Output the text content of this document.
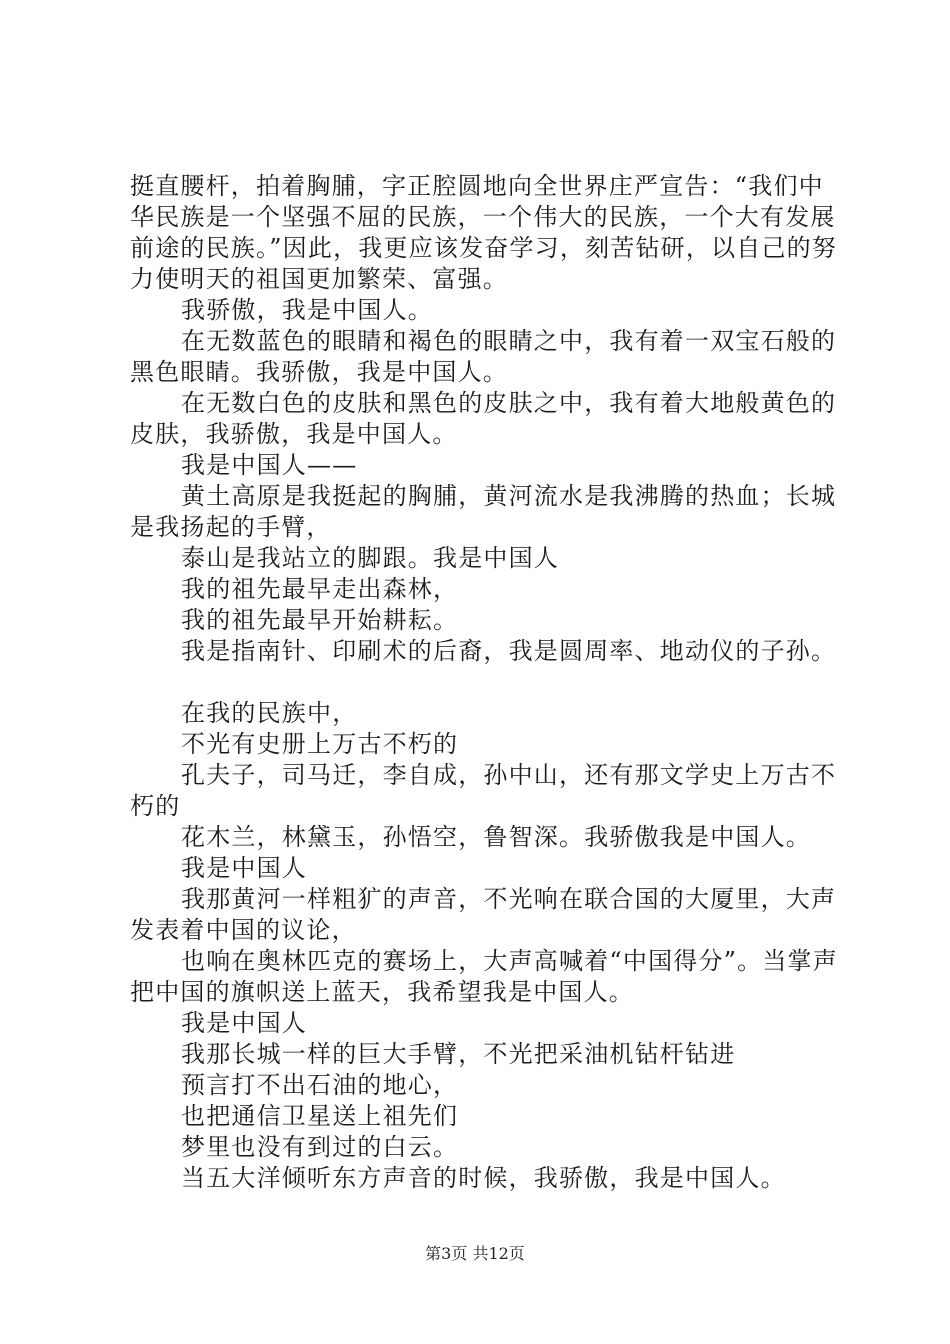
挺直腰杆，拍着胸脯，字正腔圆地向全世界庄严宣告：“我们中华民族是一个坚强不屈的民族，一个伟大的民族，一个大有发展前途的民族。”因此，我更应该发奋学习，刻苦钻研，以自己的努力使明天的祖国更加繁荣、富强。

我骄傲，我是中国人。

在无数蓝色的眼睛和褐色的眼睛之中，我有着一双宝石般的黑色眼睛。我骄傲，我是中国人。

在无数白色的皮肤和黑色的皮肤之中，我有着大地般黄色的皮肤，我骄傲，我是中国人。

我是中国人——

黄土高原是我挺起的胸脯，黄河流水是我沸腾的热血；长城是我扬起的手臂，

泰山是我站立的脚跟。我是中国人

我的祖先最早走出森林，

我的祖先最早开始耕耘。

我是指南针、印刷术的后裔，我是圆周率、地动仪的子孙。

在我的民族中，

不光有史册上万古不朽的

孔夫子，司马迁，李自成，孙中山，还有那文学史上万古不朽的

花木兰，林黛玉，孙悟空，鲁智深。我骄傲我是中国人。

我是中国人

我那黄河一样粗犷的声音，不光响在联合国的大厦里，大声发表着中国的议论，

也响在奥林匹克的赛场上，大声高喊着“中国得分”。当掌声把中国的旗帜送上蓝天，我希望我是中国人。

我是中国人

我那长城一样的巨大手臂，不光把采油机钻杆钻进

预言打不出石油的地心，

也把通信卫星送上祖先们

梦里也没有到过的白云。

当五大洋倾听东方声音的时候，我骄傲，我是中国人。

第3页 共12页
